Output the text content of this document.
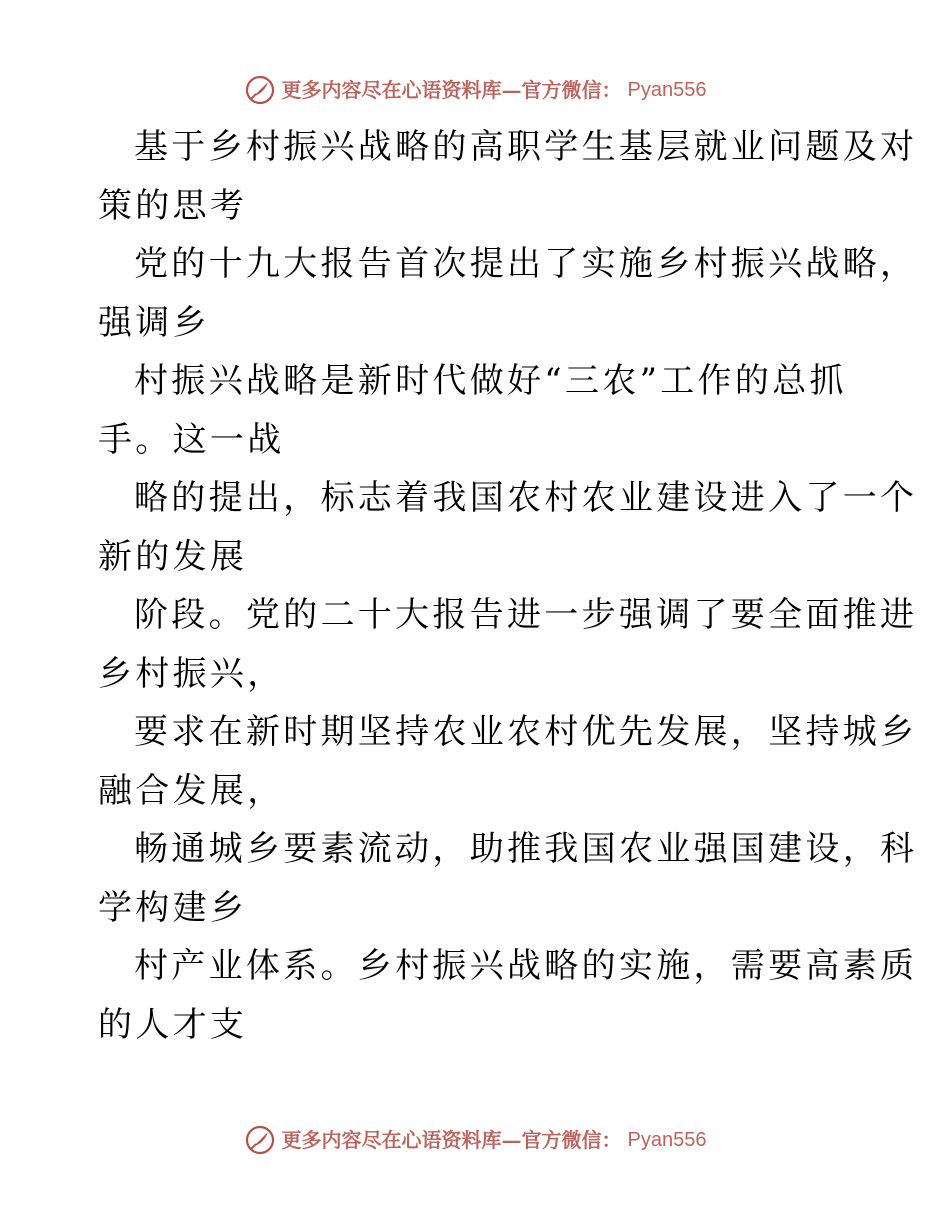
更多内容尽在心语资料库—官方微信： Pyan556
基于乡村振兴战略的高职学生基层就业问题及对
策的思考
党的十九大报告首次提出了实施乡村振兴战略，
强调乡
村振兴战略是新时代做好“三农”工作的总抓
手。这一战
略的提出，标志着我国农村农业建设进入了一个
新的发展
阶段。党的二十大报告进一步强调了要全面推进
乡村振兴，
要求在新时期坚持农业农村优先发展，坚持城乡
融合发展，
畅通城乡要素流动，助推我国农业强国建设，科
学构建乡
村产业体系。乡村振兴战略的实施，需要高素质
的人才支
更多内容尽在心语资料库—官方微信： Pyan556
